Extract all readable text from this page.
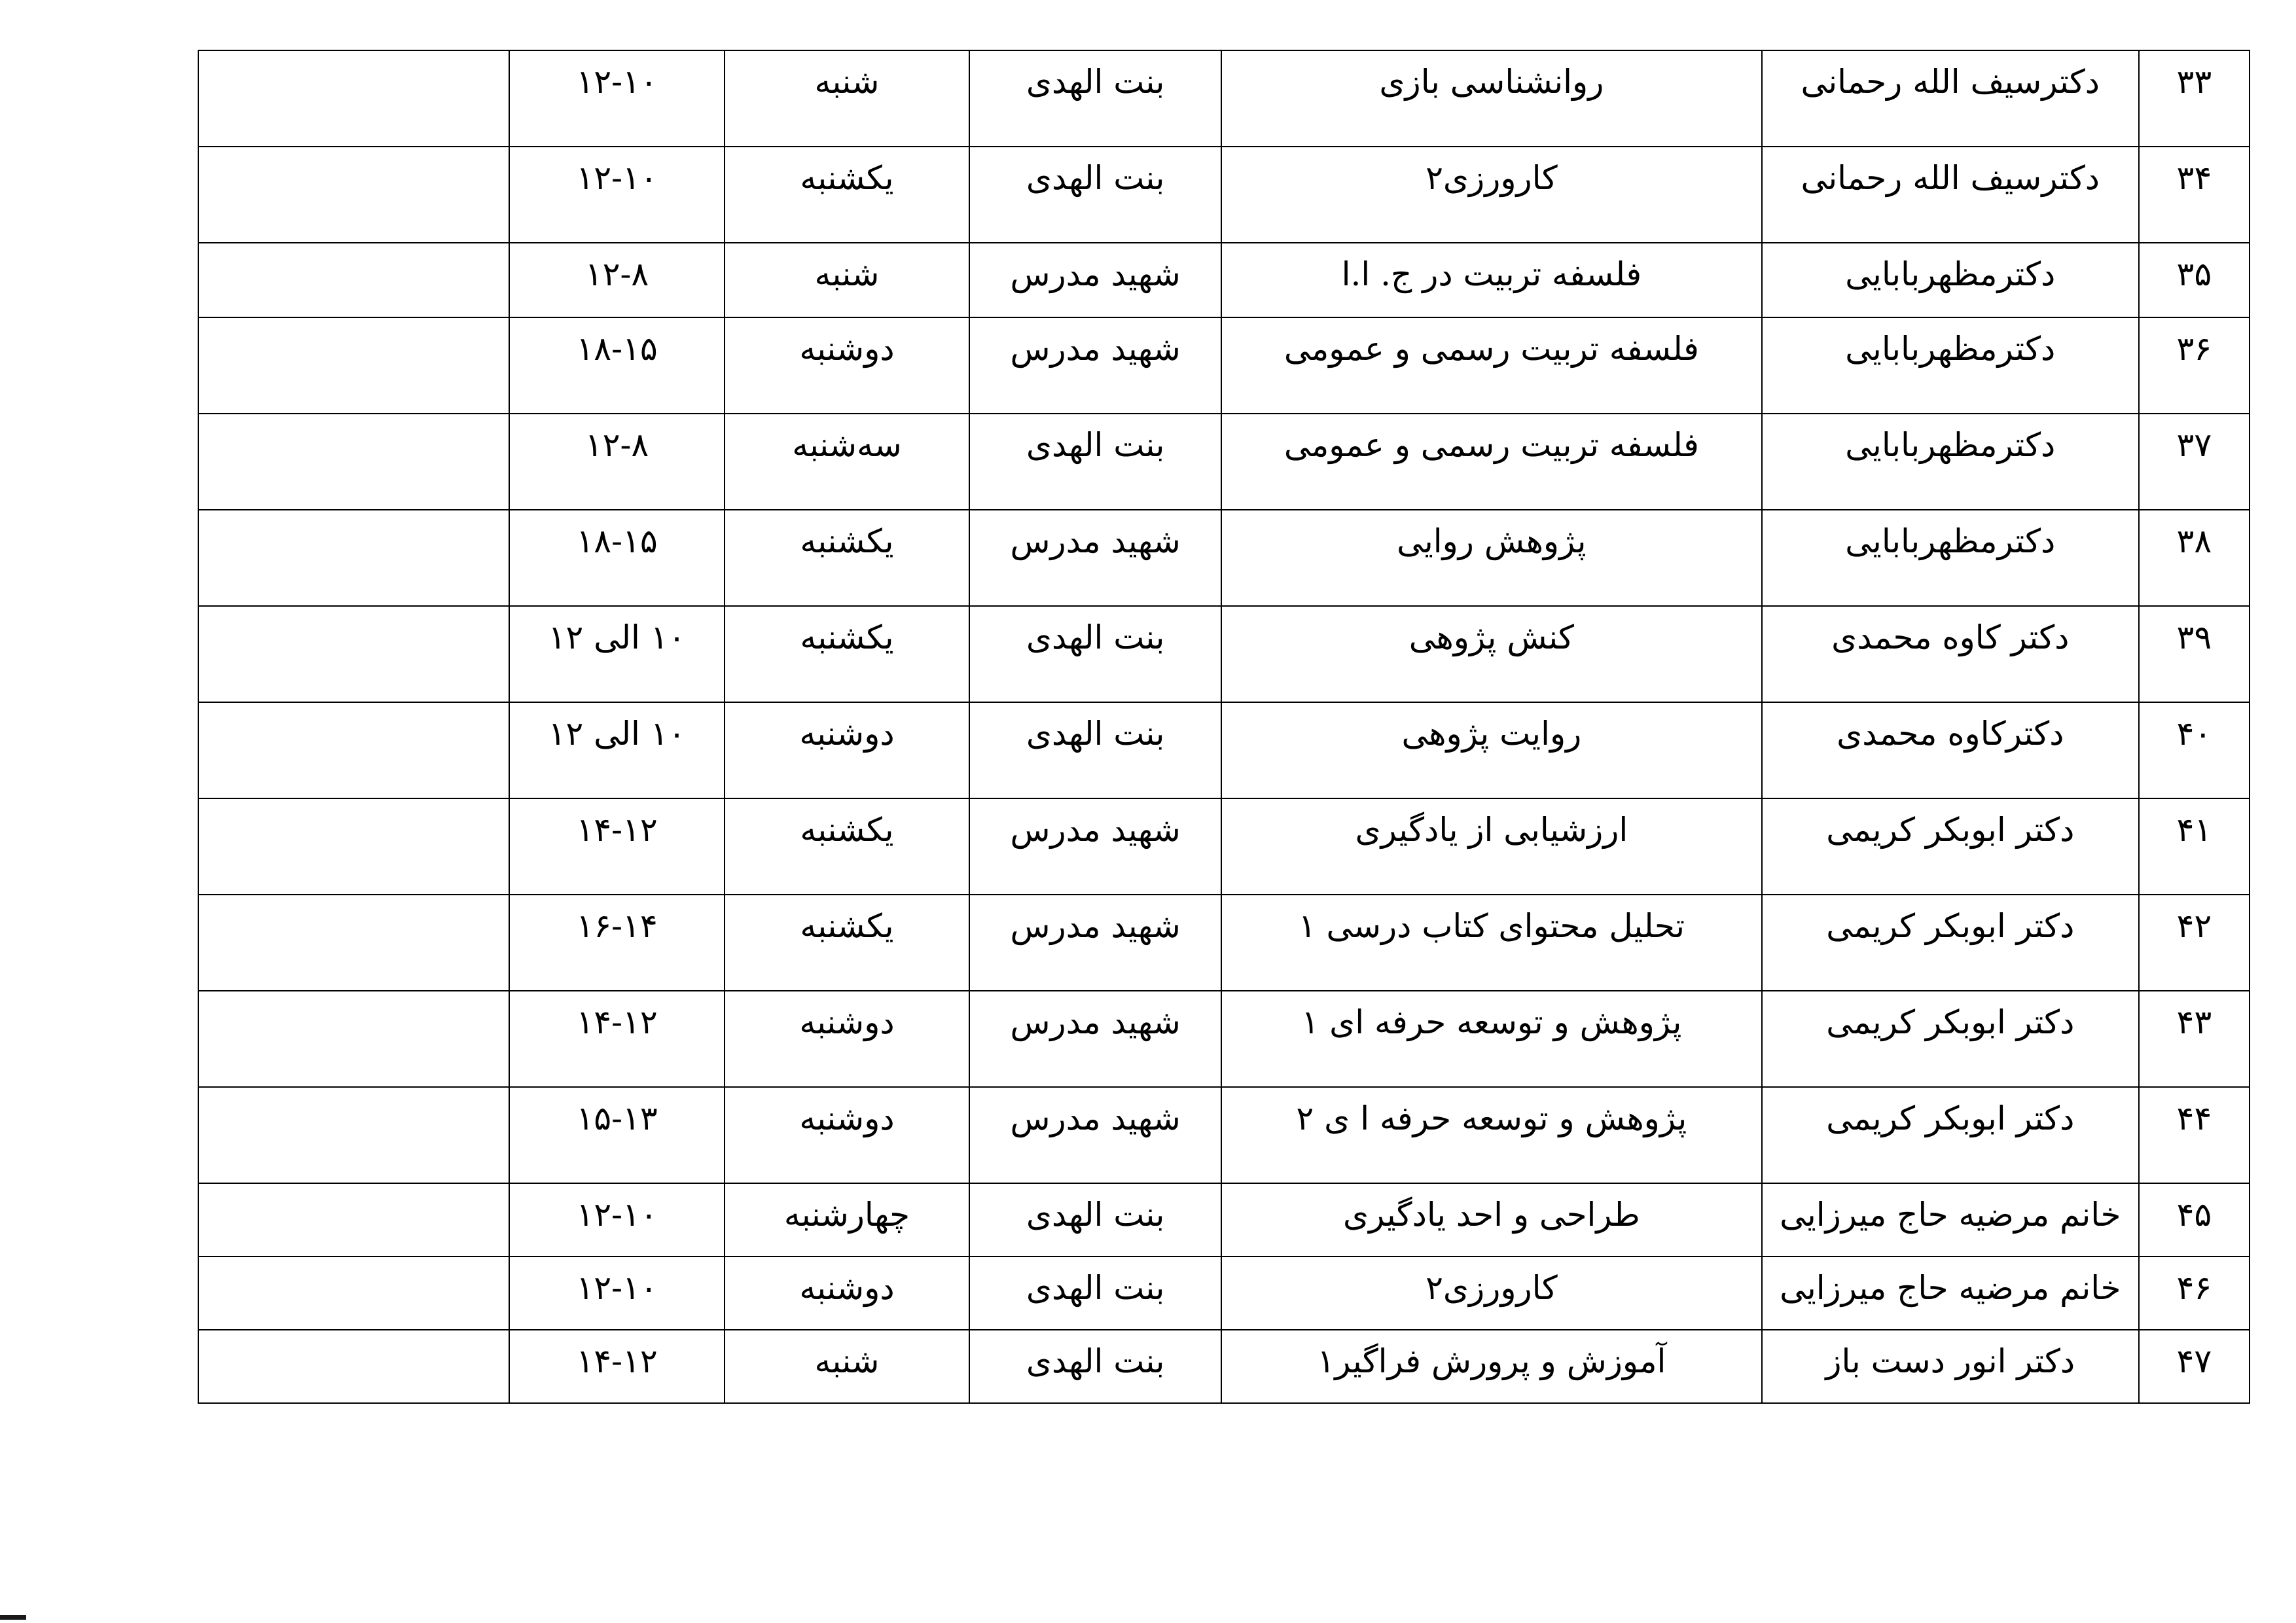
۳۳	دکترسیف الله رحمانی	روانشناسی بازی	بنت الهدی	شنبه	۱۲-۱۰	

۳۴	دکترسیف الله رحمانی	کارورزی۲	بنت الهدی	یکشنبه	۱۲-۱۰	

۳۵	دکترمظهربابایی	فلسفه تربیت در ج. ا.ا	شهید مدرس	شنبه	۱۲-۸	

۳۶	دکترمظهربابایی	فلسفه تربیت رسمی و عمومی	شهید مدرس	دوشنبه	۱۸-۱۵	

۳۷	دکترمظهربابایی	فلسفه تربیت رسمی و عمومی	بنت الهدی	سه‌شنبه	۱۲-۸	

۳۸	دکترمظهربابایی	پژوهش روایی	شهید مدرس	یکشنبه	۱۸-۱۵	

۳۹	دکتر کاوه محمدی	کنش پژوهی	بنت الهدی	یکشنبه	۱۰ الی ۱۲	

۴۰	دکترکاوه محمدی	روایت پژوهی	بنت الهدی	دوشنبه	۱۰ الی ۱۲	

۴۱	دکتر ابوبکر کریمی	ارزشیابی از یادگیری	شهید مدرس	یکشنبه	۱۴-۱۲	

۴۲	دکتر ابوبکر کریمی	تحلیل محتوای کتاب درسی ۱	شهید مدرس	یکشنبه	۱۶-۱۴	

۴۳	دکتر ابوبکر کریمی	پژوهش و توسعه حرفه ای ۱	شهید مدرس	دوشنبه	۱۴-۱۲	

۴۴	دکتر ابوبکر کریمی	پژوهش و توسعه حرفه ا ی ۲	شهید مدرس	دوشنبه	۱۵-۱۳	

۴۵	خانم مرضیه حاج میرزایی	طراحی و احد یادگیری	بنت الهدی	چهارشنبه	۱۲-۱۰	

۴۶	خانم مرضیه حاج میرزایی	کارورزی۲	بنت الهدی	دوشنبه	۱۲-۱۰	

۴۷	دکتر انور دست باز	آموزش و پرورش فراگیر۱	بنت الهدی	شنبه	۱۴-۱۲	
